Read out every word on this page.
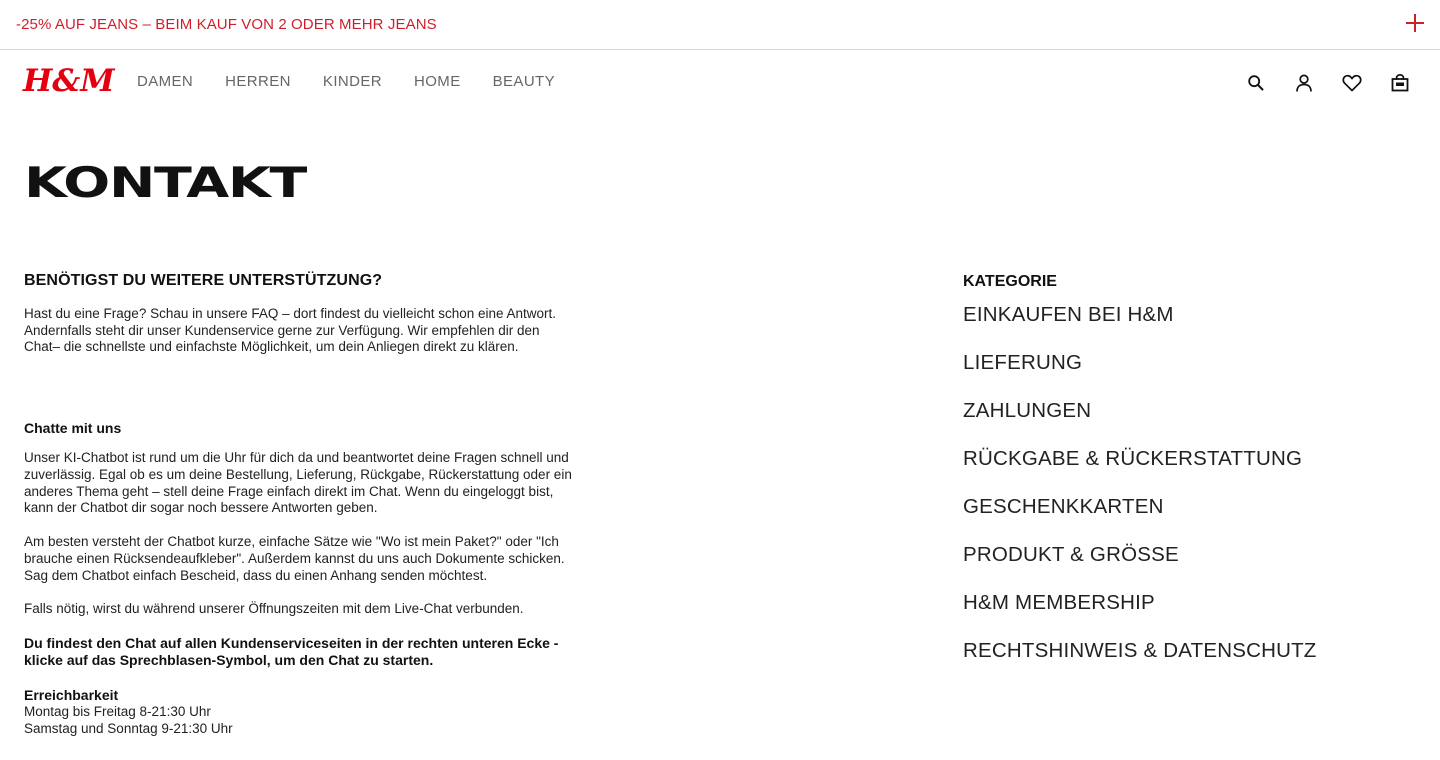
-25% AUF JEANS – BEIM KAUF VON 2 ODER MEHR JEANS
H&M DAMEN HERREN KINDER HOME BEAUTY
KONTAKT
BENÖTIGST DU WEITERE UNTERSTÜTZUNG?

Hast du eine Frage? Schau in unsere FAQ – dort findest du vielleicht schon eine Antwort.
Andernfalls steht dir unser Kundenservice gerne zur Verfügung. Wir empfehlen dir den
Chat– die schnellste und einfachste Möglichkeit, um dein Anliegen direkt zu klären.

Chatte mit uns

Unser KI-Chatbot ist rund um die Uhr für dich da und beantwortet deine Fragen schnell und
zuverlässig. Egal ob es um deine Bestellung, Lieferung, Rückgabe, Rückerstattung oder ein
anderes Thema geht – stell deine Frage einfach direkt im Chat. Wenn du eingeloggt bist,
kann der Chatbot dir sogar noch bessere Antworten geben.

Am besten versteht der Chatbot kurze, einfache Sätze wie "Wo ist mein Paket?" oder "Ich
brauche einen Rücksendeaufkleber". Außerdem kannst du uns auch Dokumente schicken.
Sag dem Chatbot einfach Bescheid, dass du einen Anhang senden möchtest.

Falls nötig, wirst du während unserer Öffnungszeiten mit dem Live-Chat verbunden.

Du findest den Chat auf allen Kundenserviceseiten in der rechten unteren Ecke -
klicke auf das Sprechblasen-Symbol, um den Chat zu starten.

Erreichbarkeit

Montag bis Freitag 8-21:30 Uhr
Samstag und Sonntag 9-21:30 Uhr

KATEGORIE
EINKAUFEN BEI H&M
LIEFERUNG
ZAHLUNGEN
RÜCKGABE & RÜCKERSTATTUNG
GESCHENKKARTEN
PRODUKT & GRÖSSE
H&M MEMBERSHIP
RECHTSHINWEIS & DATENSCHUTZ
